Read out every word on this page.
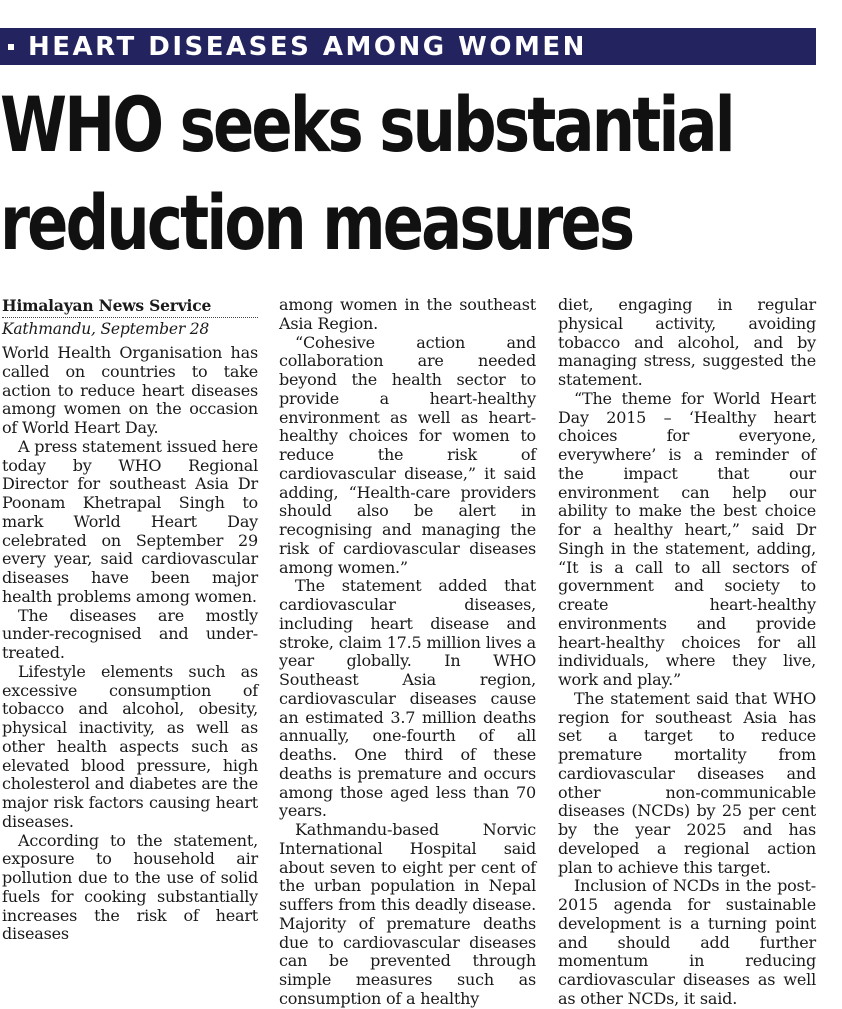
HEART DISEASES AMONG WOMEN
WHO seeks substantial
reduction measures
Himalayan News Service
Kathmandu, September 28

World Health Organisation has called on countries to take action to reduce heart diseases among women on the occasion of World Heart Day.

A press statement issued here today by WHO Regional Director for southeast Asia Dr Poonam Khetrapal Singh to mark World Heart Day celebrated on September 29 every year, said cardiovascular diseases have been major health problems among women.

The diseases are mostly under-recognised and under-treated.

Lifestyle elements such as excessive consumption of tobacco and alcohol, obesity, physical inactivity, as well as other health aspects such as elevated blood pressure, high cholesterol and diabetes are the major risk factors causing heart diseases.

According to the statement, exposure to household air pollution due to the use of solid fuels for cooking substantially increases the risk of heart diseases

among women in the southeast Asia Region.

“Cohesive action and collaboration are needed beyond the health sector to provide a heart-healthy environment as well as heart-healthy choices for women to reduce the risk of cardiovascular disease,” it said adding, “Health-care providers should also be alert in recognising and managing the risk of cardiovascular diseases among women.”

The statement added that cardiovascular diseases, including heart disease and stroke, claim 17.5 million lives a year globally. In WHO Southeast Asia region, cardiovascular diseases cause an estimated 3.7 million deaths annually, one-fourth of all deaths. One third of these deaths is premature and occurs among those aged less than 70 years.

Kathmandu-based Norvic International Hospital said about seven to eight per cent of the urban population in Nepal suffers from this deadly disease. Majority of premature deaths due to cardiovascular diseases can be prevented through simple measures such as consumption of a healthy

diet, engaging in regular physical activity, avoiding tobacco and alcohol, and by managing stress, suggested the statement.

“The theme for World Heart Day 2015 – ‘Healthy heart choices for everyone, everywhere’ is a reminder of the impact that our environment can help our ability to make the best choice for a healthy heart,” said Dr Singh in the statement, adding, “It is a call to all sectors of government and society to create heart-healthy environments and provide heart-healthy choices for all individuals, where they live, work and play.”

The statement said that WHO region for southeast Asia has set a target to reduce premature mortality from cardiovascular diseases and other non-communicable diseases (NCDs) by 25 per cent by the year 2025 and has developed a regional action plan to achieve this target.

Inclusion of NCDs in the post-2015 agenda for sustainable development is a turning point and should add further momentum in reducing cardiovascular diseases as well as other NCDs, it said.
